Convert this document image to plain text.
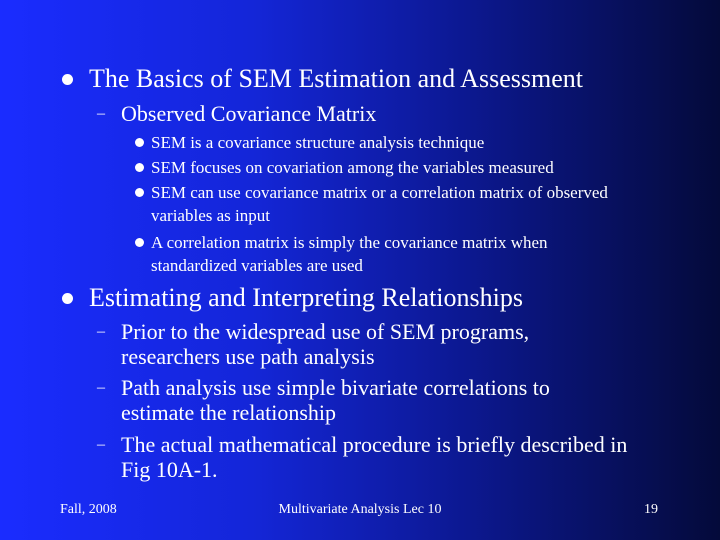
The Basics of SEM Estimation and Assessment
– Observed Covariance Matrix
SEM is a covariance structure analysis technique
SEM focuses on covariation among the variables measured
SEM can use covariance matrix or a correlation matrix of observed variables as input
A correlation matrix is simply the covariance matrix when standardized variables are used
Estimating and Interpreting Relationships
– Prior to the widespread use of SEM programs, researchers use path analysis
– Path analysis use simple bivariate correlations to estimate the relationship
– The actual mathematical procedure is briefly described in Fig 10A-1.
Fall, 2008	Multivariate Analysis Lec 10	19
